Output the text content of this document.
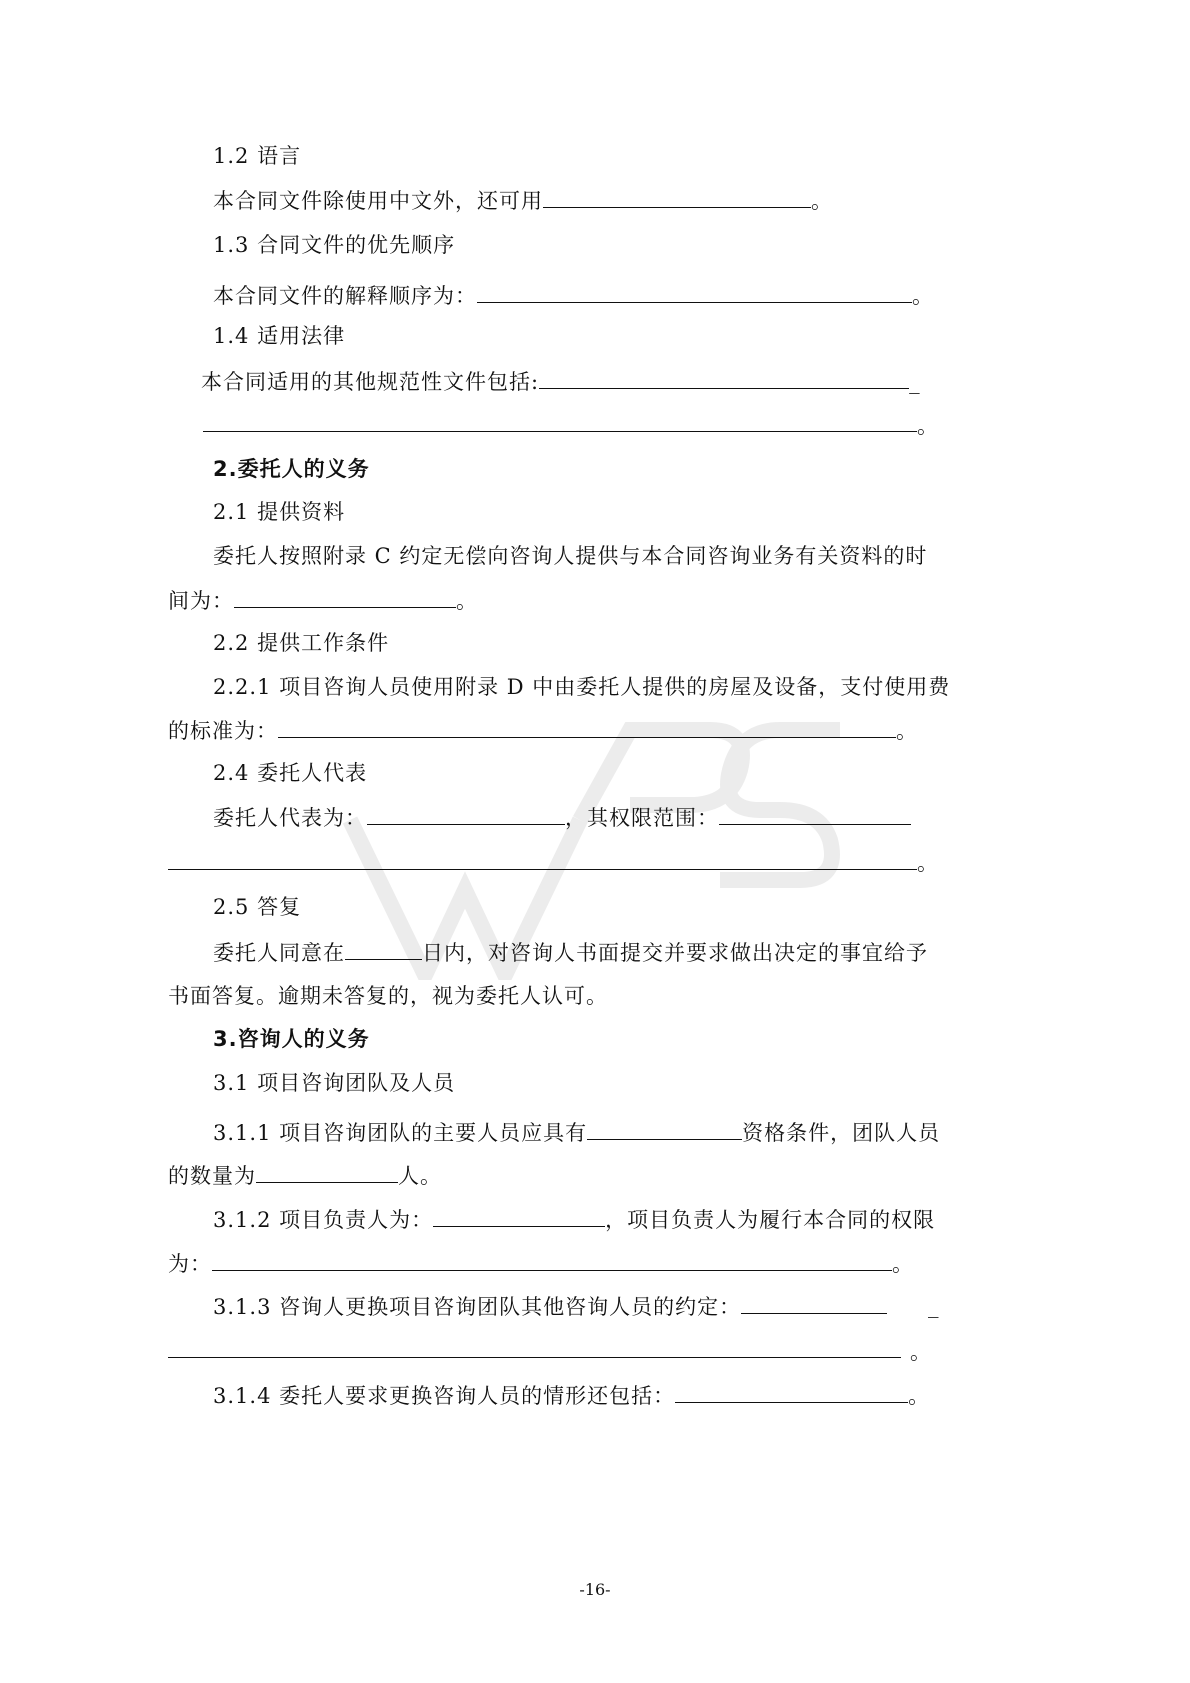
1.2 语言
本合同文件除使用中文外，还可用	。
1.3 合同文件的优先顺序
本合同文件的解释顺序为：	。
1.4 适用法律
本合同适用的其他规范性文件包括:	_
。
2.委托人的义务
2.1 提供资料
委托人按照附录 C 约定无偿向咨询人提供与本合同咨询业务有关资料的时
间为：	。
2.2 提供工作条件
2.2.1 项目咨询人员使用附录 D 中由委托人提供的房屋及设备，支付使用费
的标准为：	。
2.4 委托人代表
委托人代表为：	，其权限范围：
。
2.5 答复
委托人同意在	日内，对咨询人书面提交并要求做出决定的事宜给予
书面答复。逾期未答复的，视为委托人认可。
3.咨询人的义务
3.1 项目咨询团队及人员
3.1.1 项目咨询团队的主要人员应具有	资格条件，团队人员
的数量为	人。
3.1.2 项目负责人为：	，项目负责人为履行本合同的权限
为：	。
3.1.3 咨询人更换项目咨询团队其他咨询人员的约定：	_
。
3.1.4 委托人要求更换咨询人员的情形还包括：	。
-16-
